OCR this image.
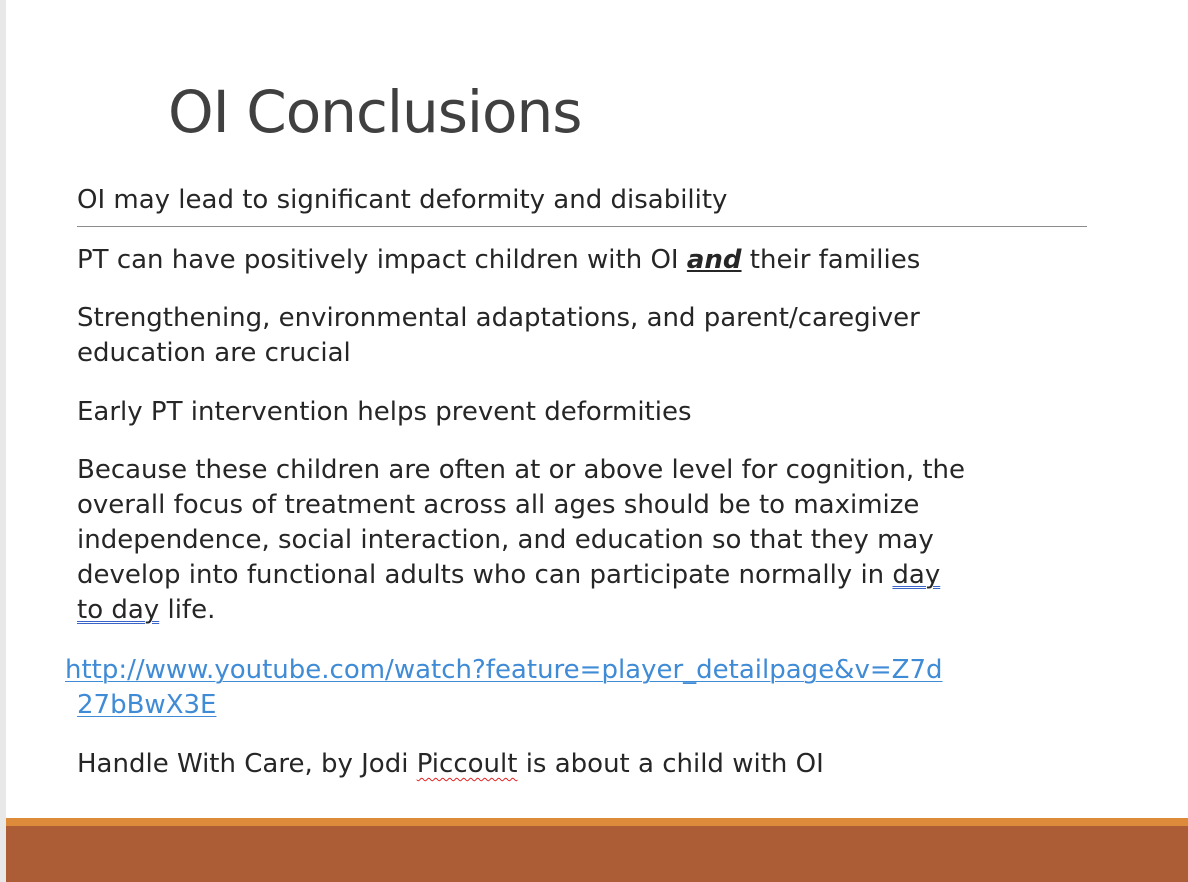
OI Conclusions

OI may lead to significant deformity and disability

PT can have positively impact children with OI and their families

Strengthening, environmental adaptations, and parent/caregiver
education are crucial

Early PT intervention helps prevent deformities

Because these children are often at or above level for cognition, the
overall focus of treatment across all ages should be to maximize
independence, social interaction, and education so that they may
develop into functional adults who can participate normally in day
to day life.

http://www.youtube.com/watch?feature=player_detailpage&v=Z7d
27bBwX3E

Handle With Care, by Jodi Piccoult is about a child with OI
